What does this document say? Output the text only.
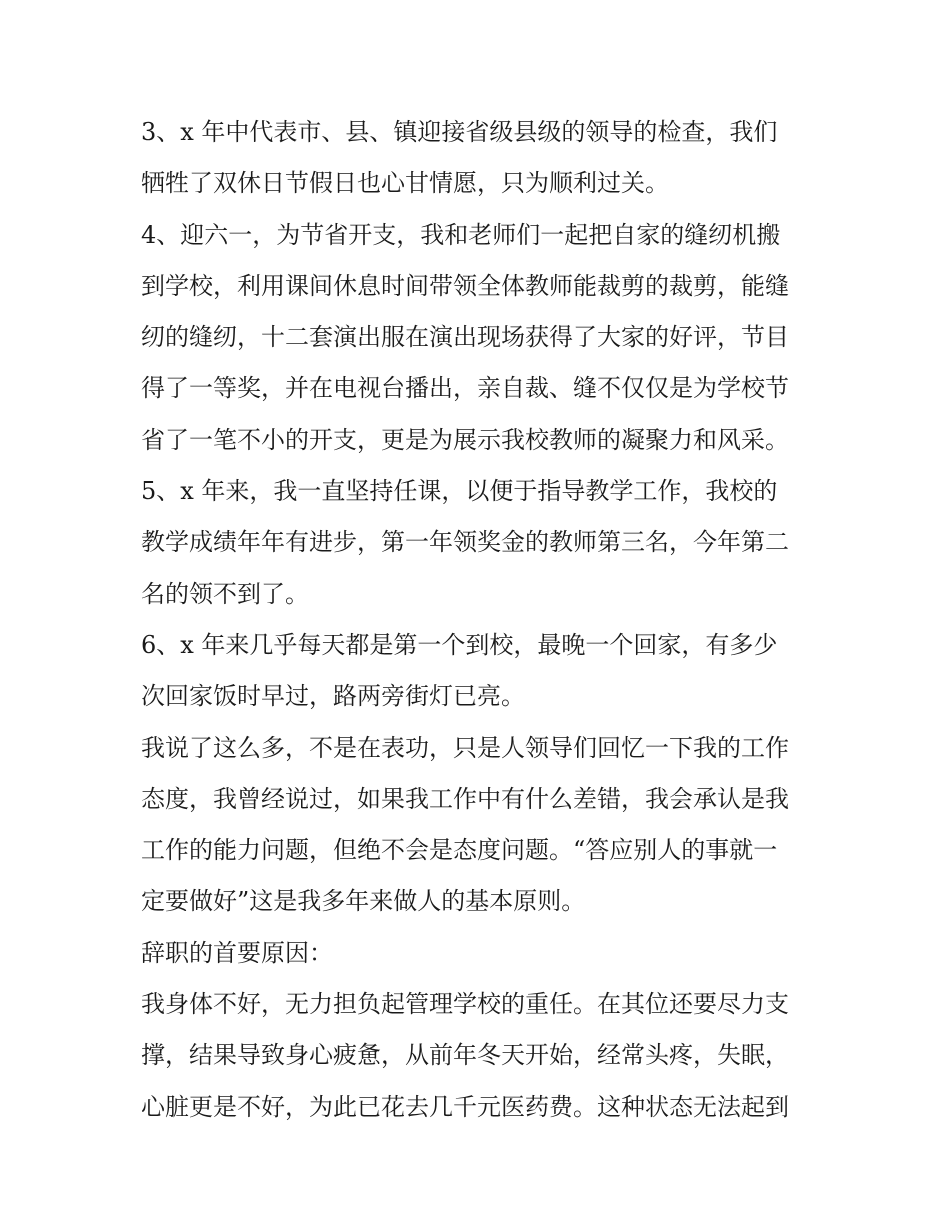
3、x 年中代表市、县、镇迎接省级县级的领导的检查，我们
牺牲了双休日节假日也心甘情愿，只为顺利过关。
4、迎六一，为节省开支，我和老师们一起把自家的缝纫机搬
到学校，利用课间休息时间带领全体教师能裁剪的裁剪，能缝
纫的缝纫，十二套演出服在演出现场获得了大家的好评，节目
得了一等奖，并在电视台播出，亲自裁、缝不仅仅是为学校节
省了一笔不小的开支，更是为展示我校教师的凝聚力和风采。
5、x 年来，我一直坚持任课，以便于指导教学工作，我校的
教学成绩年年有进步，第一年领奖金的教师第三名，今年第二
名的领不到了。
6、x 年来几乎每天都是第一个到校，最晚一个回家，有多少
次回家饭时早过，路两旁街灯已亮。
我说了这么多，不是在表功，只是人领导们回忆一下我的工作
态度，我曾经说过，如果我工作中有什么差错，我会承认是我
工作的能力问题，但绝不会是态度问题。“答应别人的事就一
定要做好”这是我多年来做人的基本原则。
辞职的首要原因：
我身体不好，无力担负起管理学校的重任。在其位还要尽力支
撑，结果导致身心疲惫，从前年冬天开始，经常头疼，失眠，
心脏更是不好，为此已花去几千元医药费。这种状态无法起到
